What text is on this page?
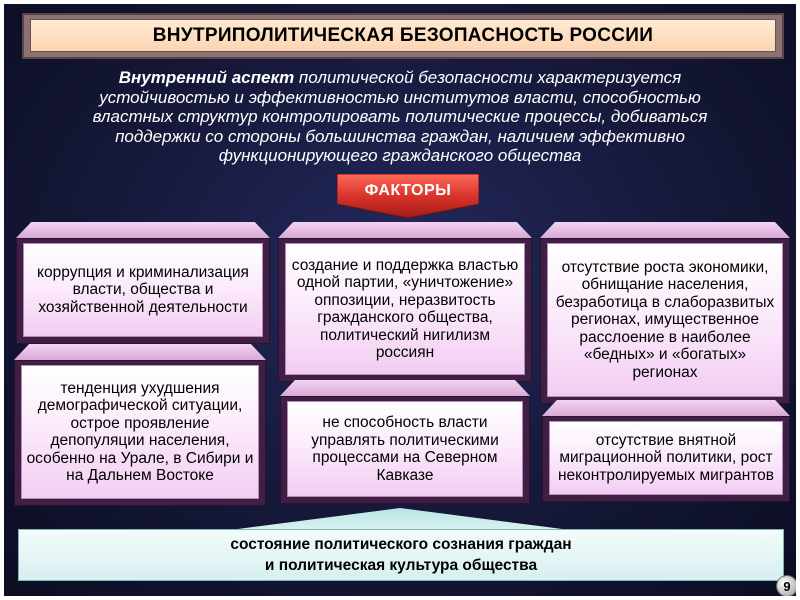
ВНУТРИПОЛИТИЧЕСКАЯ БЕЗОПАСНОСТЬ РОССИИ
Внутренний аспект политической безопасности характеризуется
устойчивостью и эффективностью институтов власти, способностью
властных структур контролировать политические процессы, добиваться
поддержки со стороны большинства граждан, наличием эффективно
функционирующего гражданского общества
ФАКТОРЫ
коррупция и криминализация власти, общества и хозяйственной деятельности
тенденция ухудшения демографической ситуации, острое проявление депопуляции населения, особенно на Урале, в Сибири и на Дальнем Востоке
создание и поддержка властью одной партии, «уничтожение» оппозиции, неразвитость гражданского общества, политический нигилизм россиян
не способность власти управлять политическими процессами на Северном Кавказе
отсутствие роста экономики, обнищание населения, безработица в слаборазвитых регионах, имущественное расслоение в наиболее «бедных» и «богатых» регионах
отсутствие внятной миграционной политики, рост неконтролируемых мигрантов
состояние политического сознания граждан
и политическая культура общества
9
